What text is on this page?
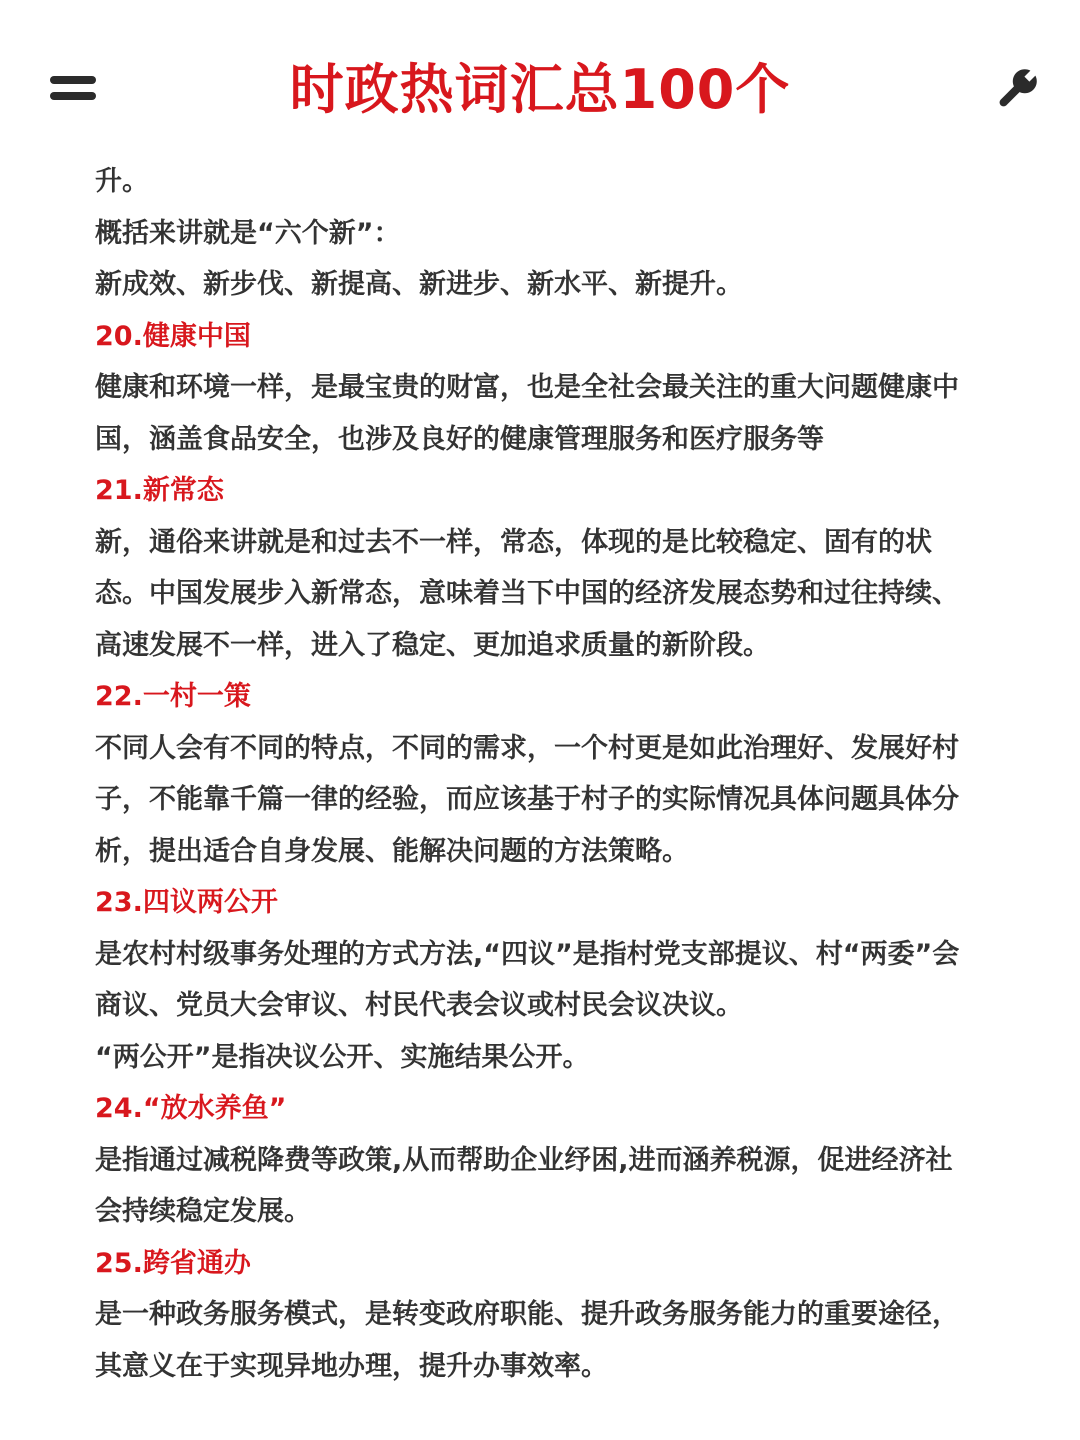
时政热词汇总100个
升。
概括来讲就是“六个新”：
新成效、新步伐、新提高、新进步、新水平、新提升。
20.健康中国
健康和环境一样，是最宝贵的财富，也是全社会最关注的重大问题健康中
国，涵盖食品安全，也涉及良好的健康管理服务和医疗服务等
21.新常态
新，通俗来讲就是和过去不一样，常态，体现的是比较稳定、固有的状
态。中国发展步入新常态，意味着当下中国的经济发展态势和过往持续、
高速发展不一样，进入了稳定、更加追求质量的新阶段。
22.一村一策
不同人会有不同的特点，不同的需求，一个村更是如此治理好、发展好村
子，不能靠千篇一律的经验，而应该基于村子的实际情况具体问题具体分
析，提出适合自身发展、能解决问题的方法策略。
23.四议两公开
是农村村级事务处理的方式方法,“四议”是指村党支部提议、村“两委”会
商议、党员大会审议、村民代表会议或村民会议决议。
“两公开”是指决议公开、实施结果公开。
24.“放水养鱼”
是指通过减税降费等政策,从而帮助企业纾困,进而涵养税源，促进经济社
会持续稳定发展。
25.跨省通办
是一种政务服务模式，是转变政府职能、提升政务服务能力的重要途径，
其意义在于实现异地办理，提升办事效率。
